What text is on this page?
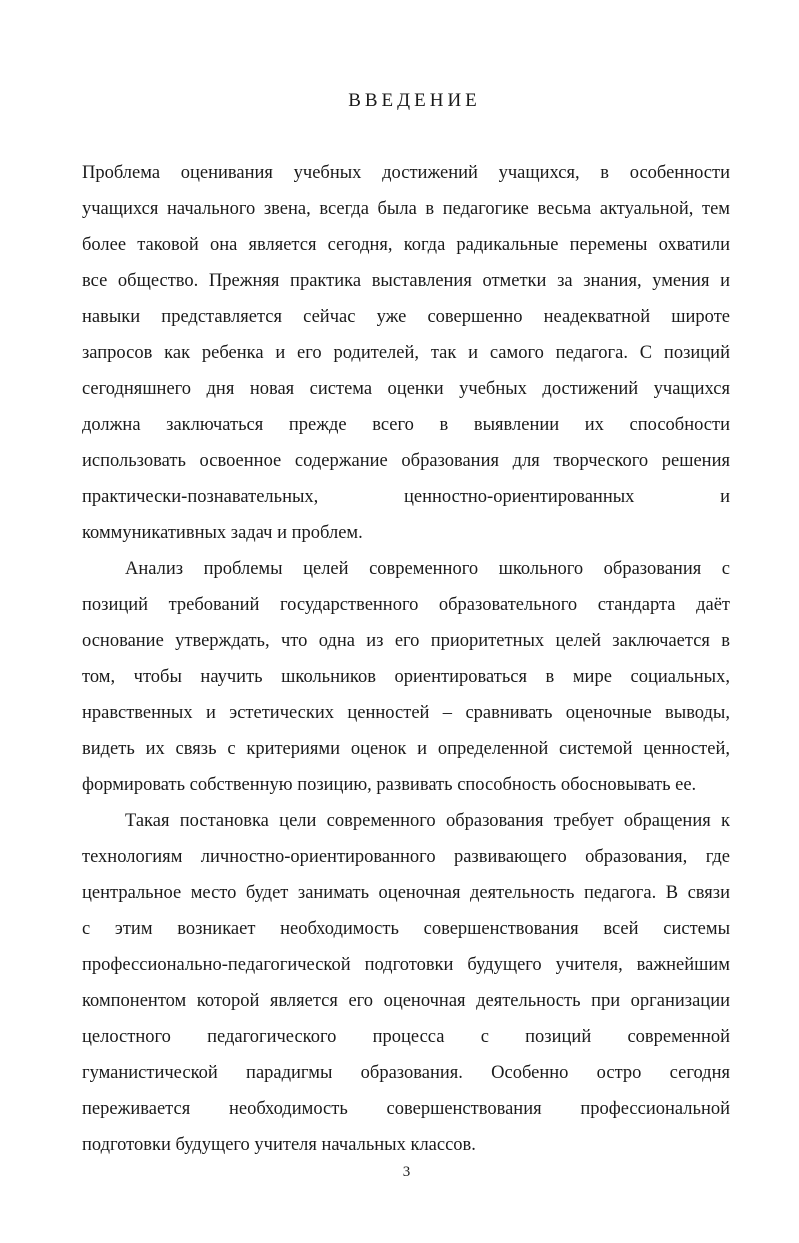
ВВЕДЕНИЕ
Проблема оценивания учебных достижений учащихся, в особенности
учащихся начального звена, всегда была в педагогике весьма актуальной, тем
более таковой она является сегодня, когда радикальные перемены охватили
все общество. Прежняя практика выставления отметки за знания, умения и
навыки представляется сейчас уже совершенно неадекватной широте
запросов как ребенка и его родителей, так и самого педагога. С позиций
сегодняшнего дня новая система оценки учебных достижений учащихся
должна заключаться прежде всего в выявлении их способности
использовать освоенное содержание образования для творческого решения
практически-познавательных, ценностно-ориентированных и
коммуникативных задач и проблем.
Анализ проблемы целей современного школьного образования с
позиций требований государственного образовательного стандарта даёт
основание утверждать, что одна из его приоритетных целей заключается в
том, чтобы научить школьников ориентироваться в мире социальных,
нравственных и эстетических ценностей – сравнивать оценочные выводы,
видеть их связь с критериями оценок и определенной системой ценностей,
формировать собственную позицию, развивать способность обосновывать ее.
Такая постановка цели современного образования требует обращения к
технологиям личностно-ориентированного развивающего образования, где
центральное место будет занимать оценочная деятельность педагога. В связи
с этим возникает необходимость совершенствования всей системы
профессионально-педагогической подготовки будущего учителя, важнейшим
компонентом которой является его оценочная деятельность при организации
целостного педагогического процесса с позиций современной
гуманистической парадигмы образования. Особенно остро сегодня
переживается необходимость совершенствования профессиональной
подготовки будущего учителя начальных классов.
3
